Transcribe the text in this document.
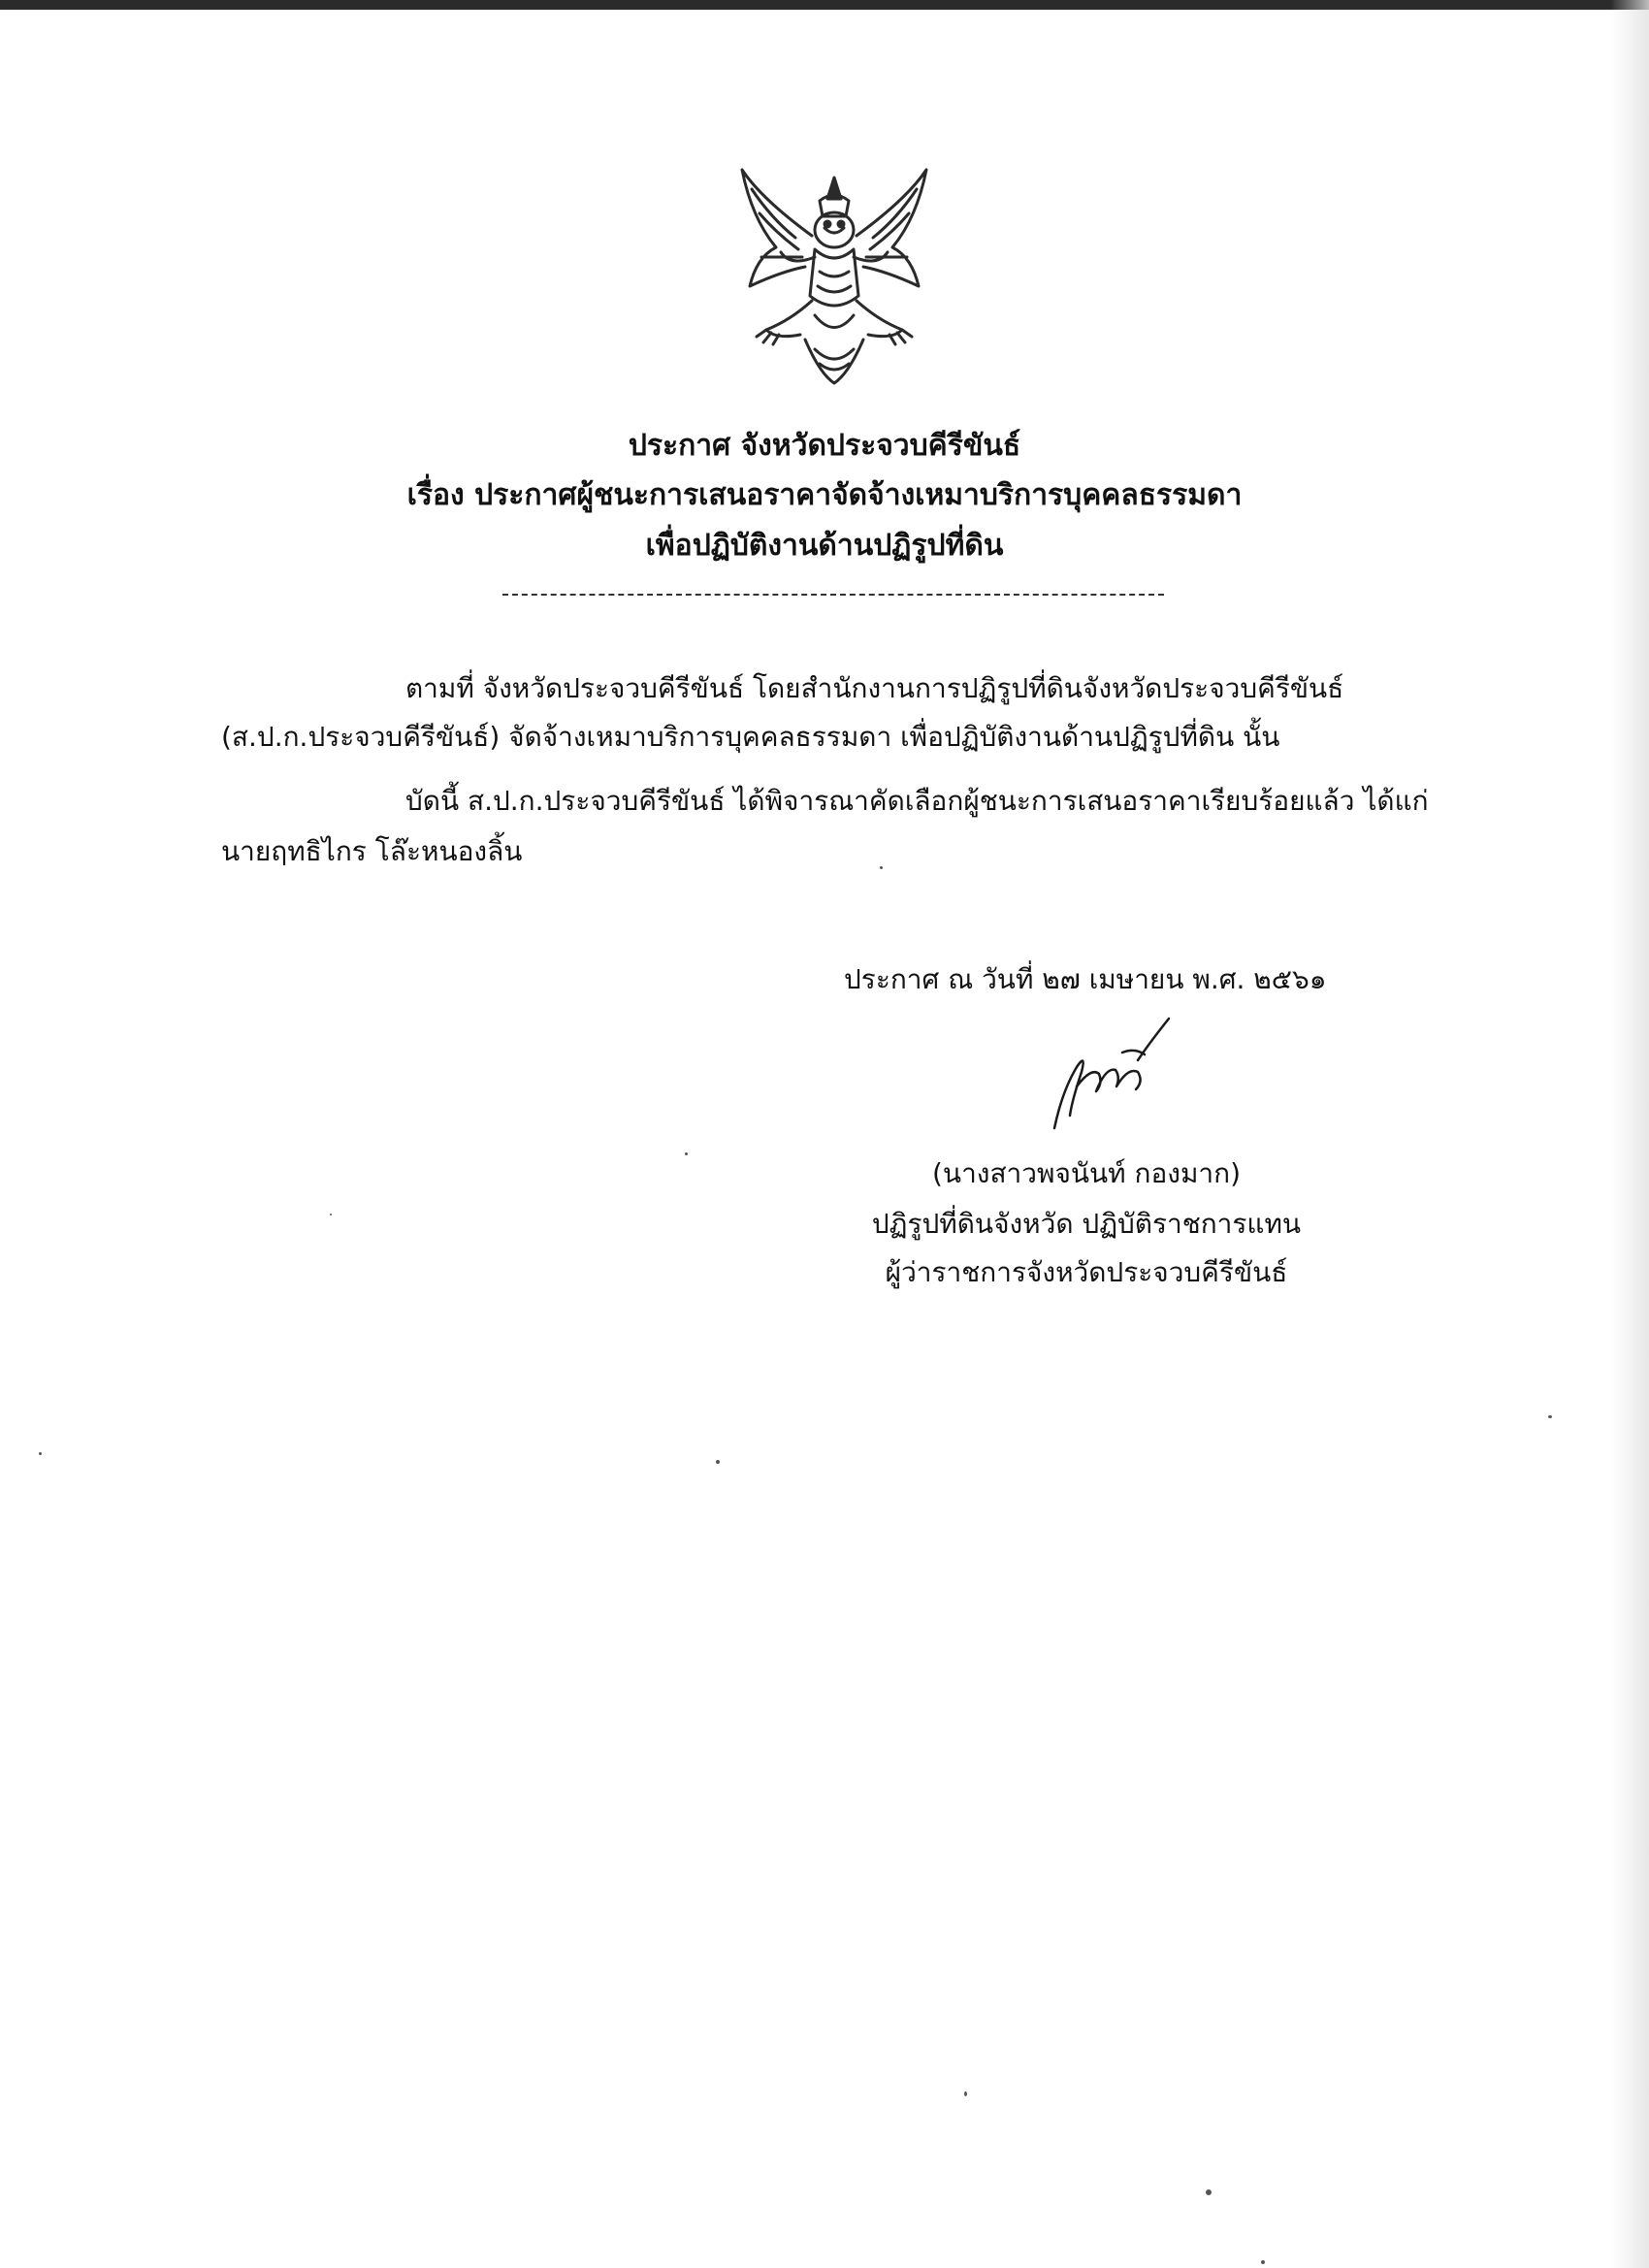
ประกาศ จังหวัดประจวบคีรีขันธ์
เรื่อง ประกาศผู้ชนะการเสนอราคาจัดจ้างเหมาบริการบุคคลธรรมดา
เพื่อปฏิบัติงานด้านปฏิรูปที่ดิน
ตามที่ จังหวัดประจวบคีรีขันธ์ โดยสำนักงานการปฏิรูปที่ดินจังหวัดประจวบคีรีขันธ์
(ส.ป.ก.ประจวบคีรีขันธ์) จัดจ้างเหมาบริการบุคคลธรรมดา เพื่อปฏิบัติงานด้านปฏิรูปที่ดิน นั้น
บัดนี้ ส.ป.ก.ประจวบคีรีขันธ์ ได้พิจารณาคัดเลือกผู้ชนะการเสนอราคาเรียบร้อยแล้ว ได้แก่
นายฤทธิไกร โล๊ะหนองลิ้น
ประกาศ ณ วันที่ ๒๗ เมษายน พ.ศ. ๒๕๖๑
(นางสาวพจนันท์ กองมาก)
ปฏิรูปที่ดินจังหวัด ปฏิบัติราชการแทน
ผู้ว่าราชการจังหวัดประจวบคีรีขันธ์
